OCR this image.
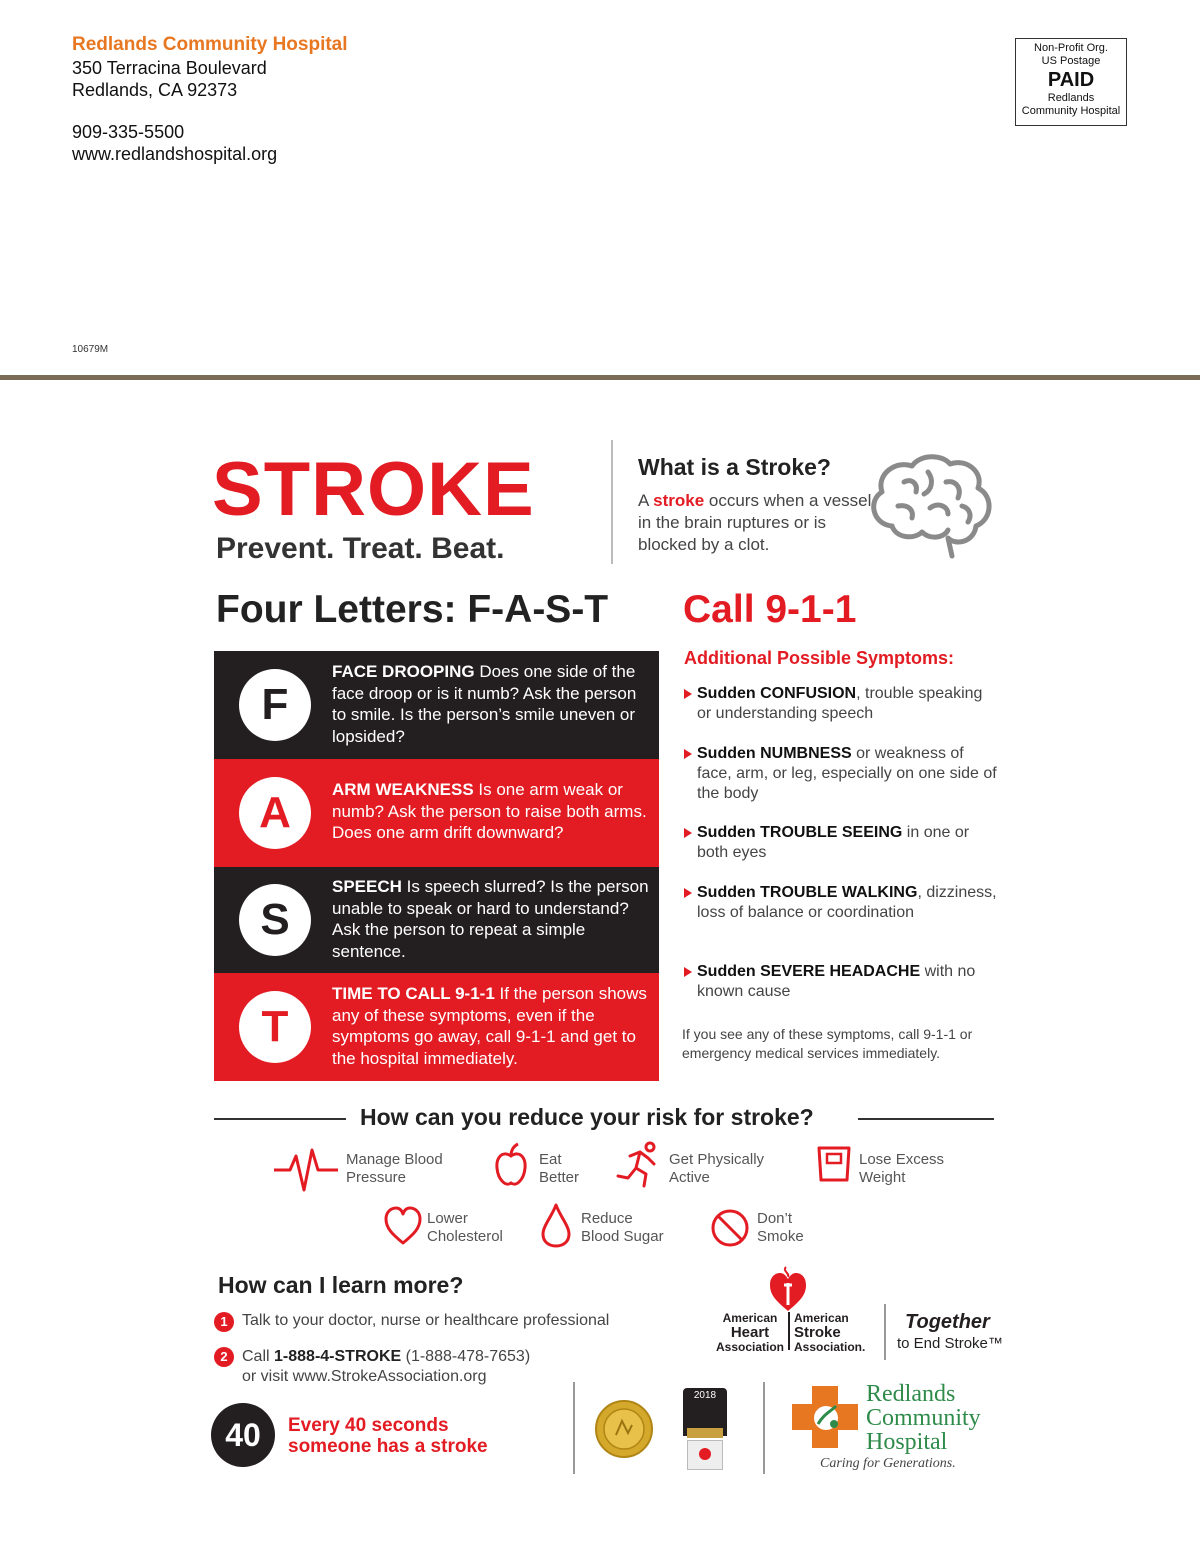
Redlands Community Hospital
350 Terracina Boulevard
Redlands, CA 92373
909-335-5500
www.redlandshospital.org
10679M
Non-Profit Org.
US Postage
PAID
Redlands
Community Hospital
STROKE
Prevent. Treat. Beat.
What is a Stroke?
A stroke occurs when a vessel in the brain ruptures or is blocked by a clot.
Four Letters: F-A-S-T Call 9-1-1
F
FACE DROOPING Does one side of the face droop or is it numb? Ask the person to smile. Is the person’s smile uneven or lopsided?
A	ARM WEAKNESS Is one arm weak or numb? Ask the person to raise both arms. Does one arm drift downward?
S
SPEECH Is speech slurred? Is the person unable to speak or hard to understand? Ask the person to repeat a simple sentence.
T
TIME TO CALL 9-1-1 If the person shows any of these symptoms, even if the symptoms go away, call 9-1-1 and get to the hospital immediately.
Additional Possible Symptoms:
Sudden CONFUSION, trouble speaking or understanding speech
Sudden NUMBNESS or weakness of face, arm, or leg, especially on one side of the body
Sudden TROUBLE SEEING in one or both eyes
Sudden TROUBLE WALKING, dizziness, loss of balance or coordination
Sudden SEVERE HEADACHE with no known cause
If you see any of these symptoms, call 9-1-1 or emergency medical services immediately.
How can you reduce your risk for stroke?
Manage Blood
Pressure
Eat
Better
Get Physically
Active
Lose Excess
Weight
Lower
Cholesterol
Reduce
Blood Sugar
Don’t
Smoke
How can I learn more?
1 Talk to your doctor, nurse or healthcare professional
2 Call 1-888-4-STROKE (1-888-478-7653)
or visit www.StrokeAssociation.org
40	Every 40 seconds
someone has a stroke
2018
American
Heart
Association
American
Stroke
Association.
Together
to End Stroke™
Redlands
Community
Hospital
Caring for Generations.
